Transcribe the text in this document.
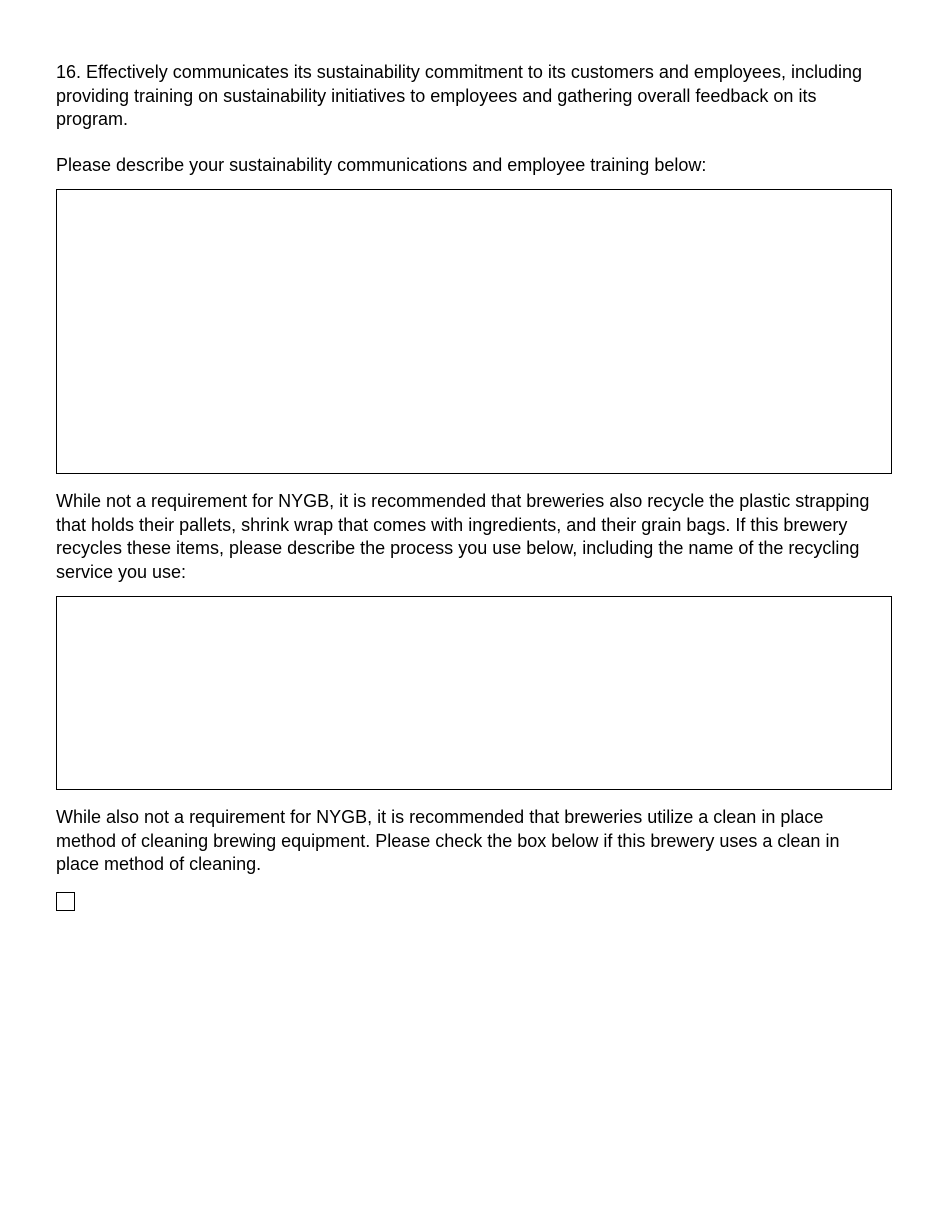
16. Effectively communicates its sustainability commitment to its customers and employees, including providing training on sustainability initiatives to employees and gathering overall feedback on its program.

Please describe your sustainability communications and employee training below:

While not a requirement for NYGB, it is recommended that breweries also recycle the plastic strapping that holds their pallets, shrink wrap that comes with ingredients, and their grain bags. If this brewery recycles these items, please describe the process you use below, including the name of the recycling service you use:

While also not a requirement for NYGB, it is recommended that breweries utilize a clean in place method of cleaning brewing equipment. Please check the box below if this brewery uses a clean in place method of cleaning.
